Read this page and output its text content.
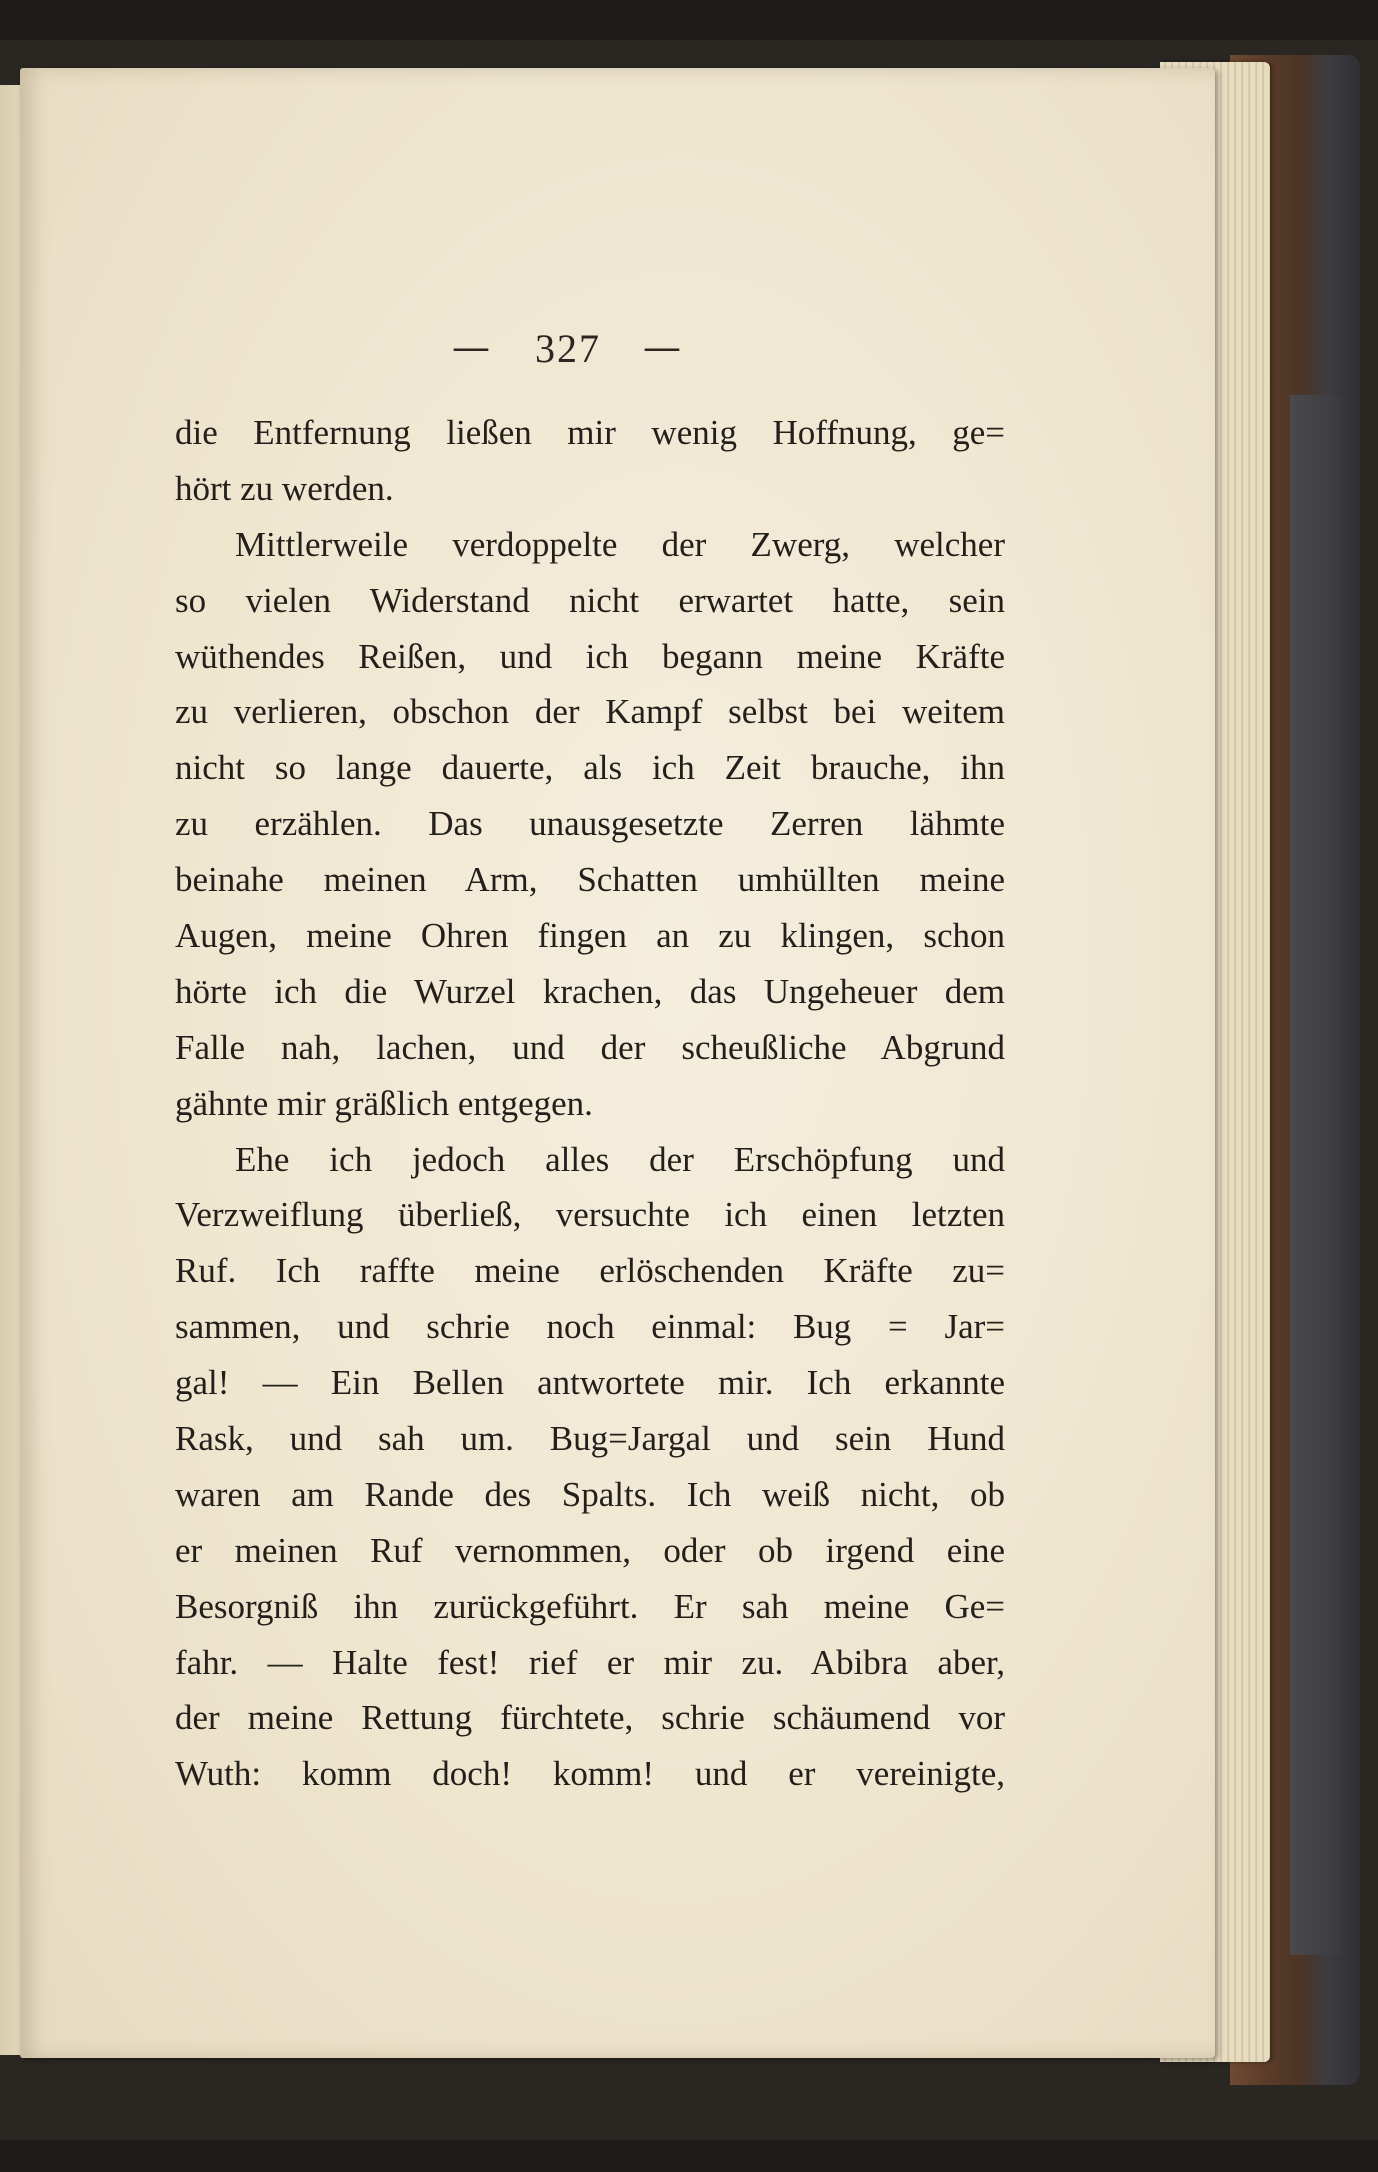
— 327 —
die Entfernung ließen mir wenig Hoffnung, ge=
hört zu werden.
Mittlerweile verdoppelte der Zwerg, welcher
so vielen Widerstand nicht erwartet hatte, sein
wüthendes Reißen, und ich begann meine Kräfte
zu verlieren, obschon der Kampf selbst bei weitem
nicht so lange dauerte, als ich Zeit brauche, ihn
zu erzählen. Das unausgesetzte Zerren lähmte
beinahe meinen Arm, Schatten umhüllten meine
Augen, meine Ohren fingen an zu klingen, schon
hörte ich die Wurzel krachen, das Ungeheuer dem
Falle nah, lachen, und der scheußliche Abgrund
gähnte mir gräßlich entgegen.
Ehe ich jedoch alles der Erschöpfung und
Verzweiflung überließ, versuchte ich einen letzten
Ruf. Ich raffte meine erlöschenden Kräfte zu=
sammen, und schrie noch einmal: Bug = Jar=
gal! — Ein Bellen antwortete mir. Ich erkannte
Rask, und sah um. Bug=Jargal und sein Hund
waren am Rande des Spalts. Ich weiß nicht, ob
er meinen Ruf vernommen, oder ob irgend eine
Besorgniß ihn zurückgeführt. Er sah meine Ge=
fahr. — Halte fest! rief er mir zu. Abibra aber,
der meine Rettung fürchtete, schrie schäumend vor
Wuth: komm doch! komm! und er vereinigte,
